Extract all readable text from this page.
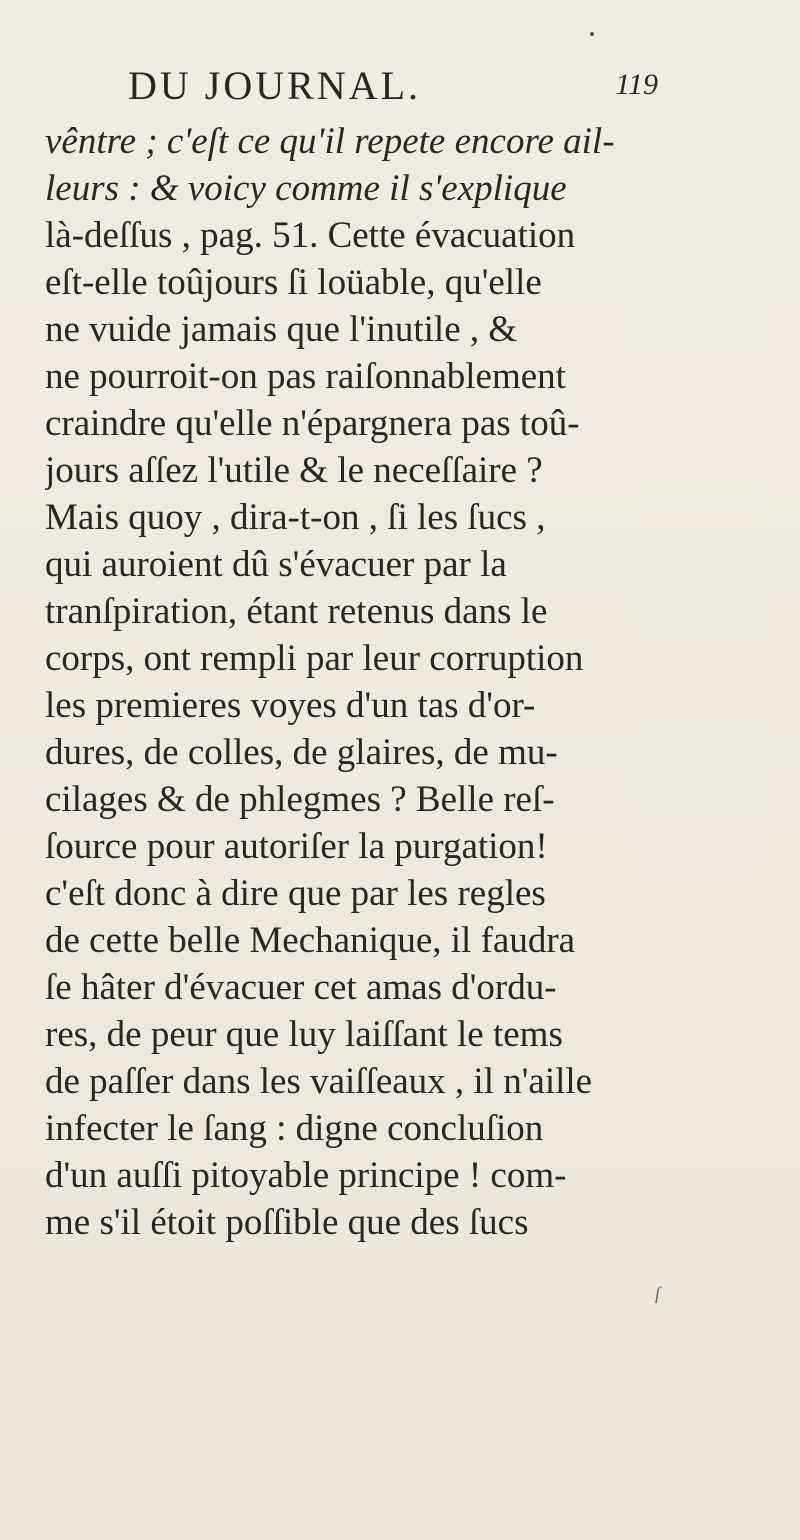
DU JOURNAL.	119
vêntre ; c'eſt ce qu'il repete encore ail-
leurs : & voicy comme il s'explique
là-deſſus , pag. 51. Cette évacuation
eſt-elle toûjours ſi loüable, qu'elle
ne vuide jamais que l'inutile , &
ne pourroit-on pas raiſonnablement
craindre qu'elle n'épargnera pas toû-
jours aſſez l'utile & le neceſſaire ?
Mais quoy , dira-t-on , ſi les ſucs ,
qui auroient dû s'évacuer par la
tranſpiration, étant retenus dans le
corps, ont rempli par leur corruption
les premieres voyes d'un tas d'or-
dures, de colles, de glaires, de mu-
cilages & de phlegmes ? Belle reſ-
ſource pour autoriſer la purgation!
c'eſt donc à dire que par les regles
de cette belle Mechanique, il faudra
ſe hâter d'évacuer cet amas d'ordu-
res, de peur que luy laiſſant le tems
de paſſer dans les vaiſſeaux , il n'aille
infecter le ſang : digne concluſion
d'un auſſi pitoyable principe ! com-
me s'il étoit poſſible que des ſucs
ſ
